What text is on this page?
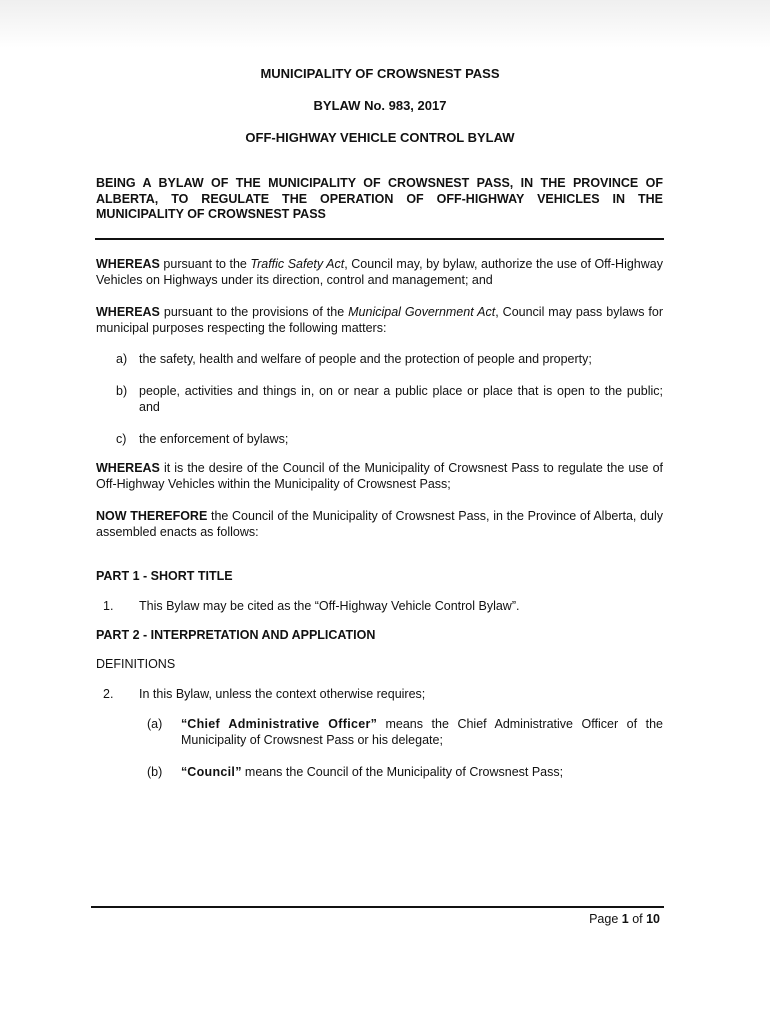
MUNICIPALITY OF CROWSNEST PASS
BYLAW No. 983, 2017
OFF-HIGHWAY VEHICLE CONTROL BYLAW
BEING A BYLAW OF THE MUNICIPALITY OF CROWSNEST PASS, IN THE PROVINCE OF ALBERTA, TO REGULATE THE OPERATION OF OFF-HIGHWAY VEHICLES IN THE MUNICIPALITY OF CROWSNEST PASS
WHEREAS pursuant to the Traffic Safety Act, Council may, by bylaw, authorize the use of Off-Highway Vehicles on Highways under its direction, control and management; and
WHEREAS pursuant to the provisions of the Municipal Government Act, Council may pass bylaws for municipal purposes respecting the following matters:
a) the safety, health and welfare of people and the protection of people and property;
b) people, activities and things in, on or near a public place or place that is open to the public; and
c) the enforcement of bylaws;
WHEREAS it is the desire of the Council of the Municipality of Crowsnest Pass to regulate the use of Off-Highway Vehicles within the Municipality of Crowsnest Pass;
NOW THEREFORE the Council of the Municipality of Crowsnest Pass, in the Province of Alberta, duly assembled enacts as follows:
PART 1 - SHORT TITLE
1. This Bylaw may be cited as the “Off-Highway Vehicle Control Bylaw”.
PART 2 - INTERPRETATION AND APPLICATION
DEFINITIONS
2. In this Bylaw, unless the context otherwise requires;
(a) “Chief Administrative Officer” means the Chief Administrative Officer of the Municipality of Crowsnest Pass or his delegate;
(b) “Council” means the Council of the Municipality of Crowsnest Pass;
Page 1 of 10
